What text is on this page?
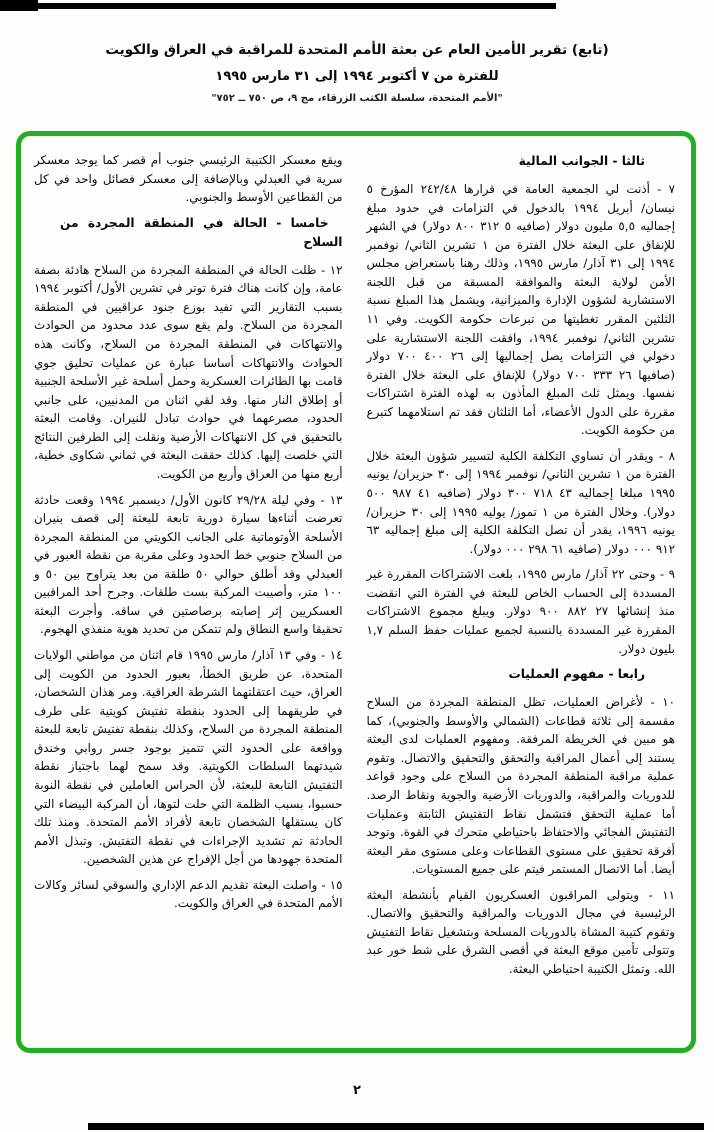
(تابع) تقرير الأمين العام عن بعثة الأمم المتحدة للمراقبة في العراق والكويت
للفترة من ٧ أكتوبر ١٩٩٤ إلى ٣١ مارس ١٩٩٥
"الأمم المتحدة، سلسلة الكتب الزرقاء، مج ٩، ص ٧٥٠ ــ ٧٥٢"
ثالثا - الجوانب المالية

٧ - أذنت لي الجمعية العامة في قرارها ٢٤٢/٤٨ المؤرخ ٥ نيسان/ أبريل ١٩٩٤ بالدخول في التزامات في حدود مبلغ إجماليه ٥,٥ مليون دولار (صافيه ٥ ٣١٢ ٨٠٠ دولار) في الشهر للإنفاق على البعثة خلال الفترة من ١ تشرين الثاني/ نوفمبر ١٩٩٤ إلى ٣١ آذار/ مارس ١٩٩٥، وذلك رهنا باستعراض مجلس الأمن لولاية البعثة والموافقة المسبقة من قبل اللجنة الاستشارية لشؤون الإدارة والميزانية، ويشمل هذا المبلغ نسبة الثلثين المقرر تغطيتها من تبرعات حكومة الكويت. وفي ١١ تشرين الثاني/ نوفمبر ١٩٩٤، وافقت اللجنة الاستشارية على دخولي في التزامات يصل إجماليها إلى ٢٦ ٤٠٠ ٧٠٠ دولار (صافيها ٢٦ ٣٣٣ ٧٠٠ دولار) للإنفاق على البعثة خلال الفترة نفسها. ويمثل ثلث المبلغ المأذون به لهذه الفترة اشتراكات مقررة على الدول الأعضاء، أما الثلثان فقد تم استلامهما كتبرع من حكومة الكويت.

٨ - ويقدر أن تساوي التكلفة الكلية لتسيير شؤون البعثة خلال الفترة من ١ تشرين الثاني/ نوفمبر ١٩٩٤ إلى ٣٠ حزيران/ يونيه ١٩٩٥ مبلغا إجماليه ٤٣ ٧١٨ ٣٠٠ دولار (صافيه ٤١ ٩٨٧ ٥٠٠ دولار). وخلال الفترة من ١ تموز/ يوليه ١٩٩٥ إلى ٣٠ حزيران/ يونيه ١٩٩٦، يقدر أن تصل التكلفة الكلية إلى مبلغ إجماليه ٦٣ ٩١٢ ٠٠٠ دولار (صافيه ٦١ ٢٩٨ ٠٠٠ دولار).

٩ - وحتى ٢٢ آذار/ مارس ١٩٩٥، بلغت الاشتراكات المقررة غير المسددة إلى الحساب الخاص للبعثة في الفترة التي انقضت منذ إنشائها ٢٧ ٨٨٢ ٩٠٠ دولار. ويبلغ مجموع الاشتراكات المقررة غير المسددة بالنسبة لجميع عمليات حفظ السلم ١,٧ بليون دولار.

رابعا - مفهوم العمليات

١٠ - لأغراض العمليات، تظل المنطقة المجردة من السلاح مقسمة إلى ثلاثة قطاعات (الشمالي والأوسط والجنوبي)، كما هو مبين في الخريطة المرفقة. ومفهوم العمليات لدى البعثة يستند إلى أعمال المراقبة والتحقق والتحقيق والاتصال. وتقوم عملية مراقبة المنطقة المجردة من السلاح على وجود قواعد للدوريات والمراقبة، والدوريات الأرضية والجوية ونقاط الرصد. أما عملية التحقق فتشمل نقاط التفتيش الثابتة وعمليات التفتيش الفجائي والاحتفاظ باحتياطي متحرك في القوة. وتوجد أفرقة تحقيق على مستوى القطاعات وعلى مستوى مقر البعثة أيضا. أما الاتصال المستمر فيتم على جميع المستويات.

١١ - ويتولى المراقبون العسكريون القيام بأنشطة البعثة الرئيسية في مجال الدوريات والمراقبة والتحقيق والاتصال. وتقوم كتيبة المشاة بالدوريات المسلحة وبتشغيل نقاط التفتيش وتتولى تأمين موقع البعثة في أقصى الشرق على شط خور عبد الله. وتمثل الكتيبة احتياطي البعثة.

ويقع معسكر الكتيبة الرئيسي جنوب أم قصر كما يوجد معسكر سرية في العبدلي وبالإضافة إلى معسكر فصائل واحد في كل من القطاعين الأوسط والجنوبي.

خامسا - الحالة في المنطقة المجردة من السلاح

١٢ - ظلت الحالة في المنطقة المجردة من السلاح هادئة بصفة عامة، وإن كانت هناك فترة توتر في تشرين الأول/ أكتوبر ١٩٩٤ بسبب التقارير التي تفيد بوزع جنود عراقيين في المنطقة المجردة من السلاح. ولم يقع سوى عدد محدود من الحوادث والانتهاكات في المنطقة المجردة من السلاح، وكانت هذه الحوادث والانتهاكات أساسا عبارة عن عمليات تحليق جوي قامت بها الطائرات العسكرية وحمل أسلحة غير الأسلحة الجنبية أو إطلاق النار منها. وقد لقي اثنان من المدنيين، على جانبي الحدود، مصرعهما في حوادث تبادل للنيران. وقامت البعثة بالتحقيق في كل الانتهاكات الأرضية ونقلت إلى الطرفين النتائج التي خلصت إليها. كذلك حققت البعثة في ثماني شكاوى خطية، أربع منها من العراق وأربع من الكويت.

١٣ - وفي ليلة ٢٩/٢٨ كانون الأول/ ديسمبر ١٩٩٤ وقعت حادثة تعرضت أثناءها سيارة دورية تابعة للبعثة إلى قصف بنيران الأسلحة الأوتوماتية على الجانب الكويتي من المنطقة المجردة من السلاح جنوبي خط الحدود وعلى مقربة من نقطة العبور في العبدلي وقد أطلق حوالي ٥٠ طلقة من بعد يتراوح بين ٥٠ و ١٠٠ متر، وأصيبت المركبة بست طلقات. وجرح أحد المراقبين العسكريين إثر إصابته برصاصتين في ساقه. وأجرت البعثة تحقيقا واسع النطاق ولم تتمكن من تحديد هوية منفذي الهجوم.

١٤ - وفي ١٣ آذار/ مارس ١٩٩٥ قام اثنان من مواطني الولايات المتحدة، عن طريق الخطأ، بعبور الحدود من الكويت إلى العراق، حيث اعتقلتهما الشرطة العراقية. ومر هذان الشخصان، في طريقهما إلى الحدود بنقطة تفتيش كويتية على طرف المنطقة المجردة من السلاح، وكذلك بنقطة تفتيش تابعة للبعثة وواقعة على الحدود التي تتميز بوجود جسر روابي وخندق شيدتهما السلطات الكويتية. وقد سمح لهما باجتياز نقطة التفتيش التابعة للبعثة، لأن الحراس العاملين في نقطة النوبة حسبوا، بسبب الظلمة التي حلت لتوها، أن المركبة البيضاء التي كان يستقلها الشخصان تابعة لأفراد الأمم المتحدة. ومنذ تلك الحادثة تم تشديد الإجراءات في نقطة التفتيش. وتبذل الأمم المتحدة جهودها من أجل الإفراج عن هذين الشخصين.

١٥ - واصلت البعثة تقديم الدعم الإداري والسوقي لسائر وكالات الأمم المتحدة في العراق والكويت.

٢
